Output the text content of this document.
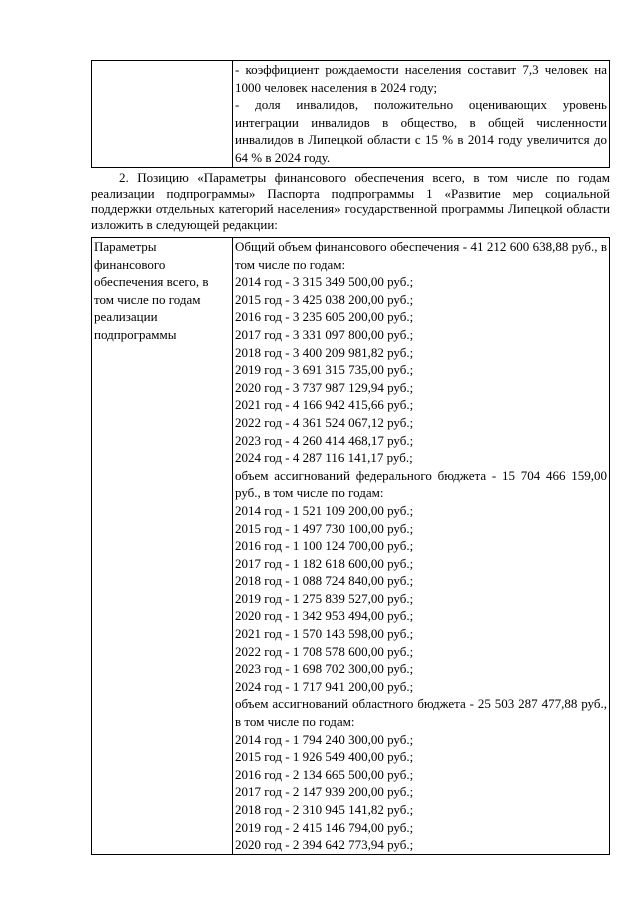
- коэффициент рождаемости населения составит 7,3 человек на 1000 человек населения в 2024 году;
- доля инвалидов, положительно оценивающих уровень интеграции инвалидов в общество, в общей численности инвалидов в Липецкой области с 15 % в 2014 году увеличится до 64 % в 2024 году.
2. Позицию «Параметры финансового обеспечения всего, в том числе по годам реализации подпрограммы» Паспорта подпрограммы 1 «Развитие мер социальной поддержки отдельных категорий населения» государственной программы Липецкой области изложить в следующей редакции:
Параметры финансового обеспечения всего, в том числе по годам реализации подпрограммы	
Общий объем финансового обеспечения - 41 212 600 638,88 руб., в том числе по годам:
2014 год - 3 315 349 500,00 руб.;
2015 год - 3 425 038 200,00 руб.;
2016 год - 3 235 605 200,00 руб.;
2017 год - 3 331 097 800,00 руб.;
2018 год - 3 400 209 981,82 руб.;
2019 год - 3 691 315 735,00 руб.;
2020 год - 3 737 987 129,94 руб.;
2021 год - 4 166 942 415,66 руб.;
2022 год - 4 361 524 067,12 руб.;
2023 год - 4 260 414 468,17 руб.;
2024 год - 4 287 116 141,17 руб.;
объем ассигнований федерального бюджета - 15 704 466 159,00 руб., в том числе по годам:
2014 год - 1 521 109 200,00 руб.;
2015 год - 1 497 730 100,00 руб.;
2016 год - 1 100 124 700,00 руб.;
2017 год - 1 182 618 600,00 руб.;
2018 год - 1 088 724 840,00 руб.;
2019 год - 1 275 839 527,00 руб.;
2020 год - 1 342 953 494,00 руб.;
2021 год - 1 570 143 598,00 руб.;
2022 год - 1 708 578 600,00 руб.;
2023 год - 1 698 702 300,00 руб.;
2024 год - 1 717 941 200,00 руб.;
объем ассигнований областного бюджета - 25 503 287 477,88 руб., в том числе по годам:
2014 год - 1 794 240 300,00 руб.;
2015 год - 1 926 549 400,00 руб.;
2016 год - 2 134 665 500,00 руб.;
2017 год - 2 147 939 200,00 руб.;
2018 год - 2 310 945 141,82 руб.;
2019 год - 2 415 146 794,00 руб.;
2020 год - 2 394 642 773,94 руб.;
